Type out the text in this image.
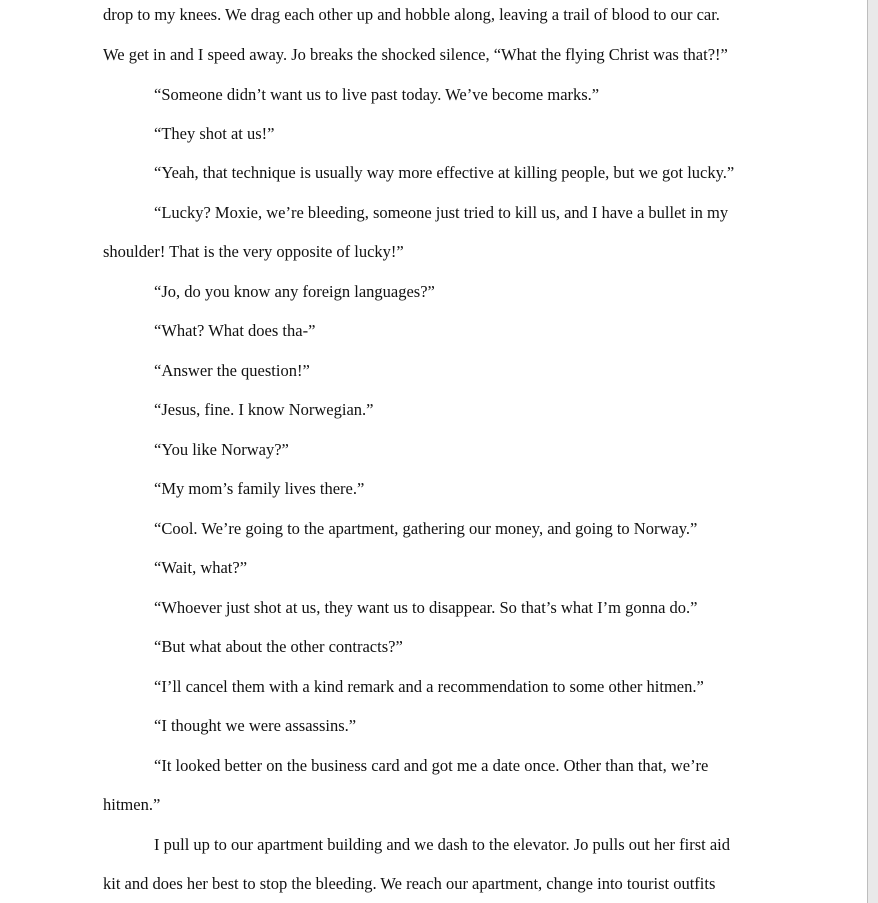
drop to my knees. We drag each other up and hobble along, leaving a trail of blood to our car.
We get in and I speed away. Jo breaks the shocked silence, “What the flying Christ was that?!”
“Someone didn’t want us to live past today. We’ve become marks.”
“They shot at us!”
“Yeah, that technique is usually way more effective at killing people, but we got lucky.”
“Lucky? Moxie, we’re bleeding, someone just tried to kill us, and I have a bullet in my
shoulder! That is the very opposite of lucky!”
“Jo, do you know any foreign languages?”
“What? What does tha-”
“Answer the question!”
“Jesus, fine. I know Norwegian.”
“You like Norway?”
“My mom’s family lives there.”
“Cool. We’re going to the apartment, gathering our money, and going to Norway.”
“Wait, what?”
“Whoever just shot at us, they want us to disappear. So that’s what I’m gonna do.”
“But what about the other contracts?”
“I’ll cancel them with a kind remark and a recommendation to some other hitmen.”
“I thought we were assassins.”
“It looked better on the business card and got me a date once. Other than that, we’re
hitmen.”
I pull up to our apartment building and we dash to the elevator. Jo pulls out her first aid
kit and does her best to stop the bleeding. We reach our apartment, change into tourist outfits
